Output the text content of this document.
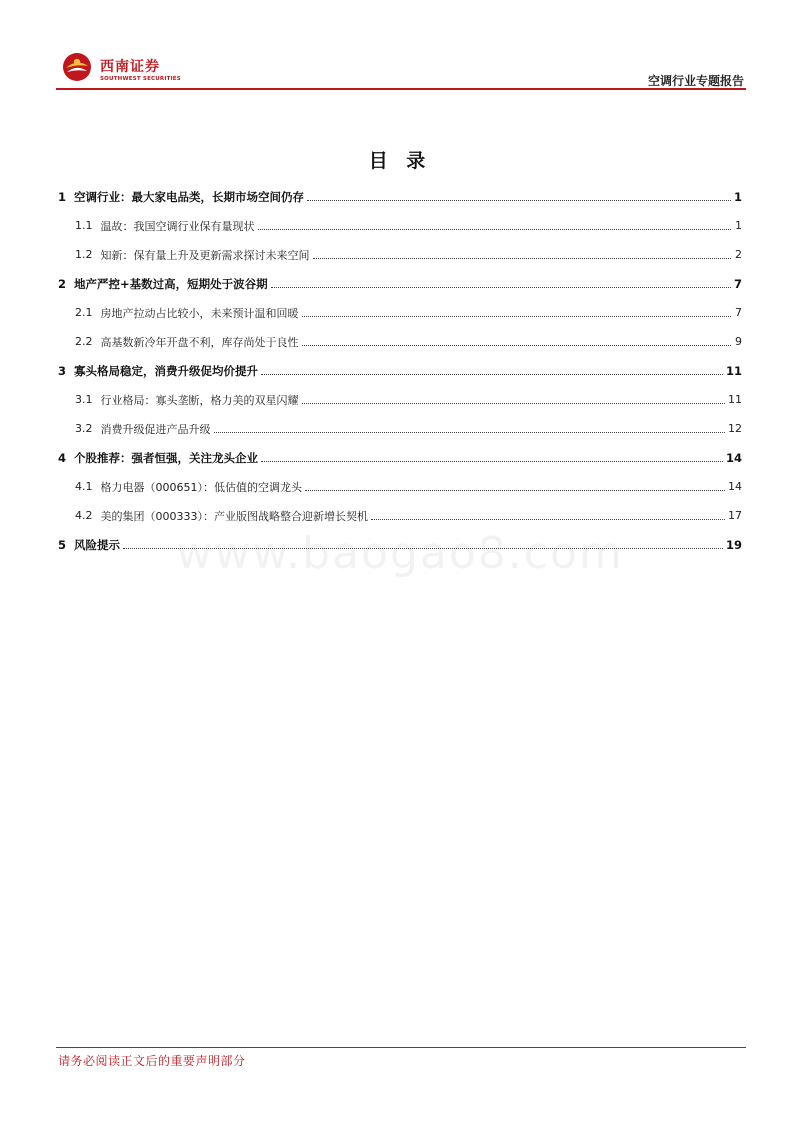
西南证券
SOUTHWEST SECURITIES	空调行业专题报告
目 录
www.baogao8.com
1 空调行业：最大家电品类，长期市场空间仍存	1
1.1 温故：我国空调行业保有量现状	1
1.2 知新：保有量上升及更新需求探讨未来空间	2
2 地产严控+基数过高，短期处于波谷期	7
2.1 房地产拉动占比较小，未来预计温和回暖	7
2.2 高基数新冷年开盘不利，库存尚处于良性	9
3 寡头格局稳定，消费升级促均价提升	11
3.1 行业格局：寡头垄断，格力美的双星闪耀	11
3.2 消费升级促进产品升级	12
4 个股推荐：强者恒强，关注龙头企业	14
4.1 格力电器（000651）：低估值的空调龙头	14
4.2 美的集团（000333）：产业版图战略整合迎新增长契机	17
5 风险提示	19
请务必阅读正文后的重要声明部分
